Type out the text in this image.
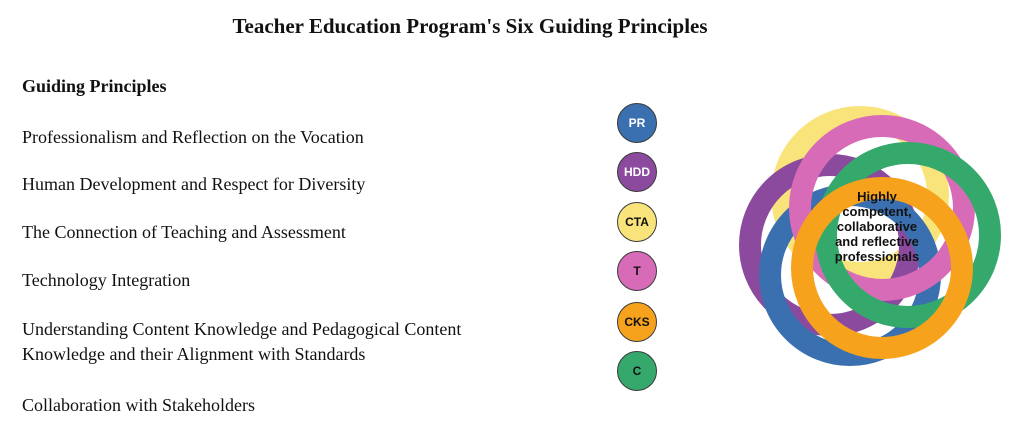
Teacher Education Program's Six Guiding Principles
Guiding Principles

Professionalism and Reflection on the Vocation

Human Development and Respect for Diversity

The Connection of Teaching and Assessment

Technology Integration

Understanding Content Knowledge and Pedagogical Content Knowledge and their Alignment with Standards

Collaboration with Stakeholders

PR
HDD
CTA
T
CKS
C
Highly
competent,
collaborative
and reflective
professionals
